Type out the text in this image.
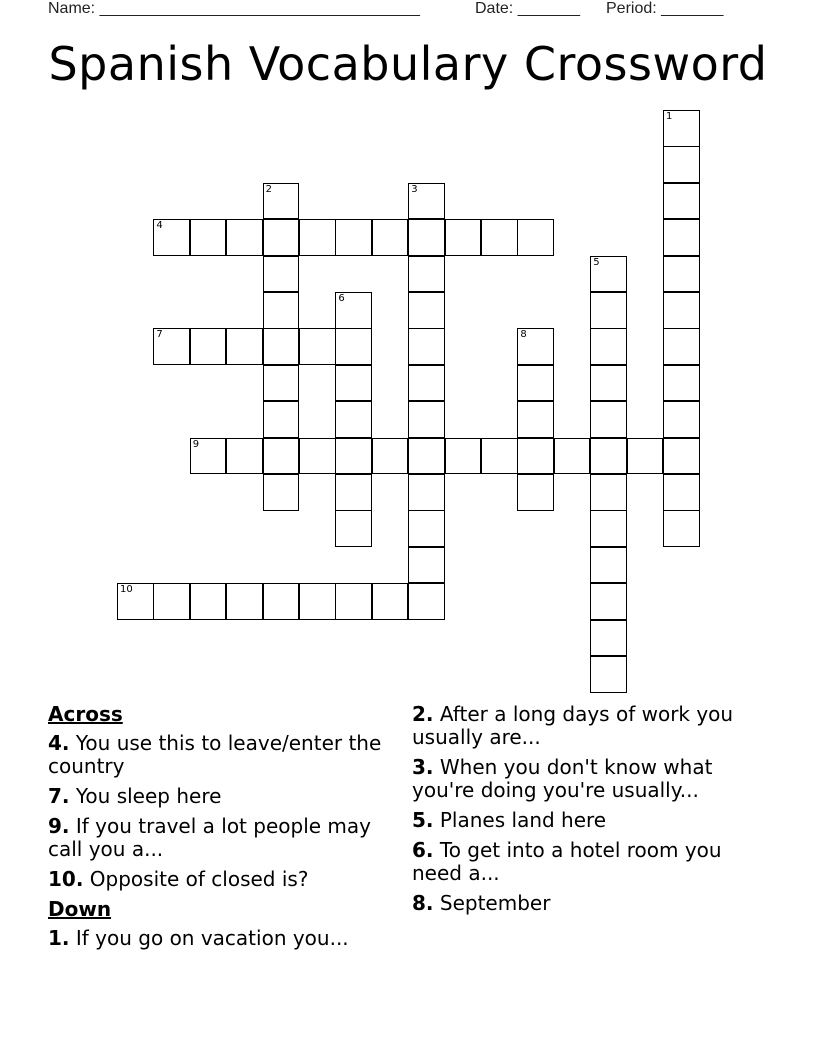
Name: ____________________________________

	Date: _______

Period: _______

Spanish Vocabulary Crossword
1
2	3
4
5
6
7	8
9
10
Across
4. You use this to leave/enter the country
7. You sleep here
9. If you travel a lot people may call you a...
10. Opposite of closed is?
Down
1. If you go on vacation you...
2. After a long days of work you usually are...
3. When you don't know what you're doing you're usually...
5. Planes land here
6. To get into a hotel room you need a...
8. September
